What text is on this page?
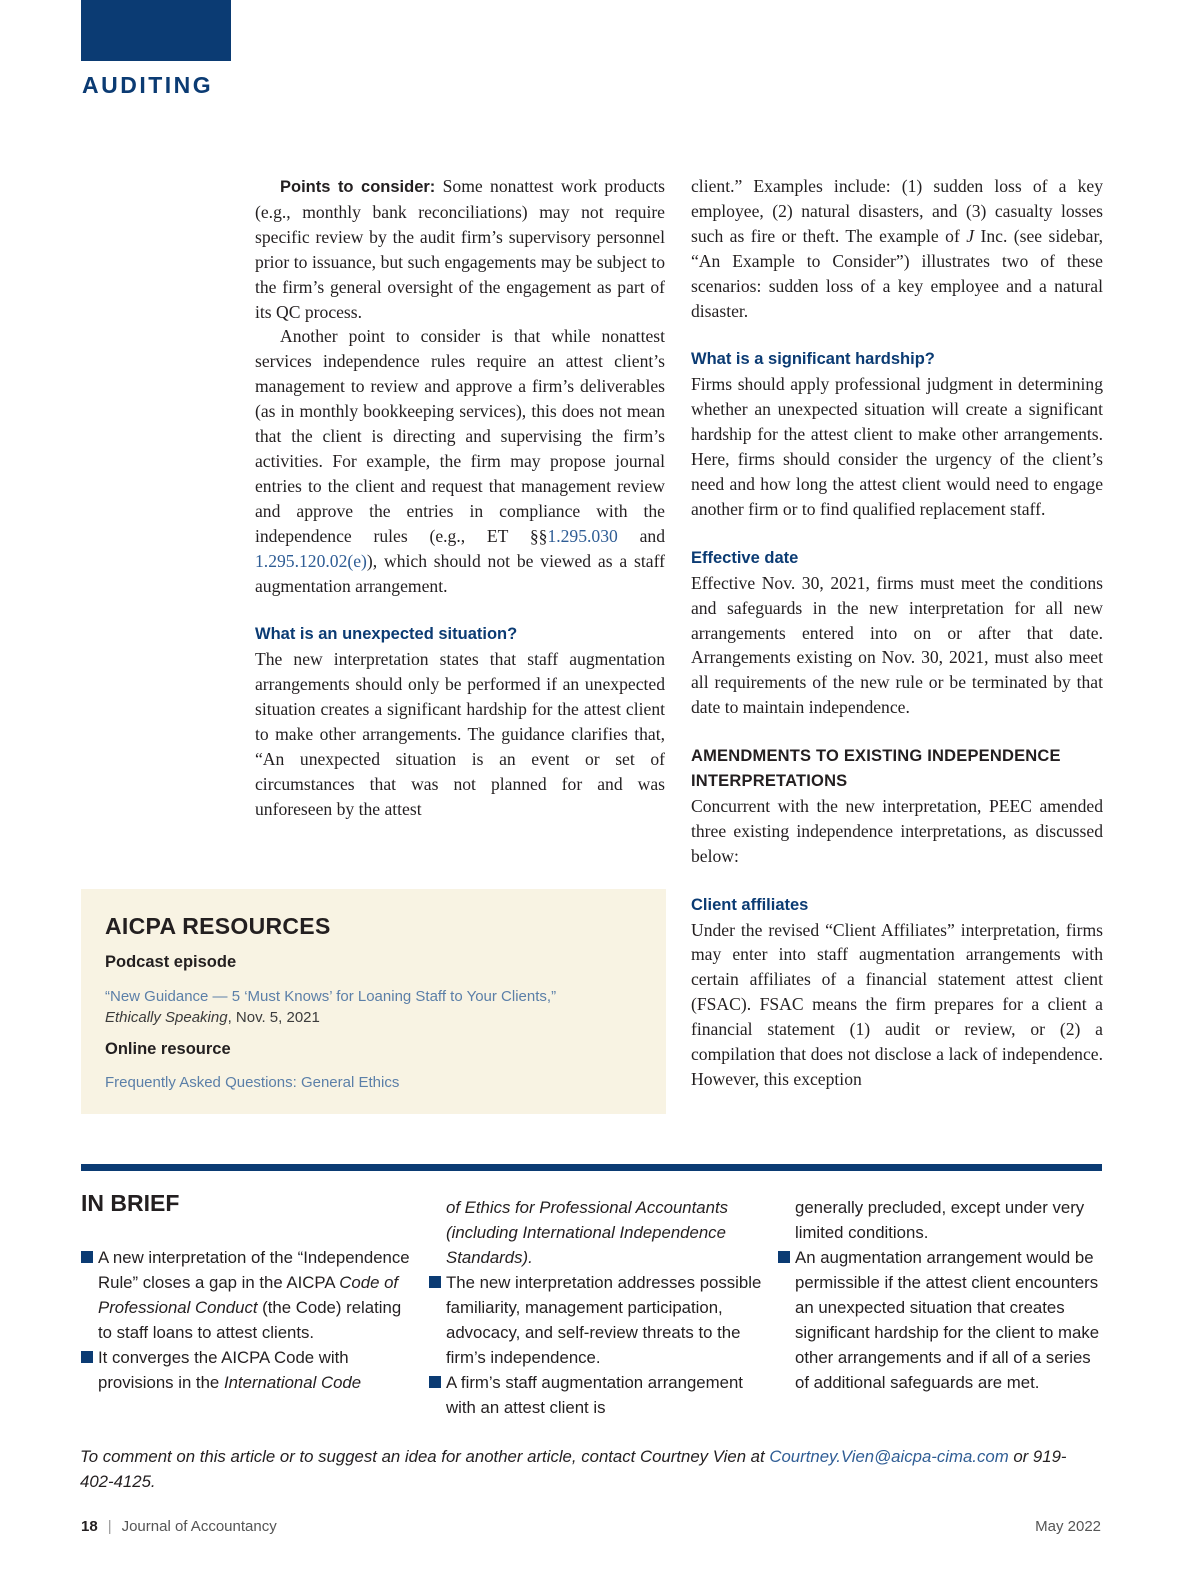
AUDITING

Points to consider: Some nonattest work products (e.g., monthly bank reconciliations) may not require specific review by the audit firm’s supervisory personnel prior to issuance, but such engagements may be subject to the firm’s general oversight of the engagement as part of its QC process.

Another point to consider is that while nonattest services independence rules require an attest client’s management to review and approve a firm’s deliverables (as in monthly bookkeeping services), this does not mean that the client is directing and supervising the firm’s activities. For example, the firm may propose journal entries to the client and request that management review and approve the entries in compliance with the independence rules (e.g., ET §§1.295.030 and 1.295.120.02(e)), which should not be viewed as a staff augmentation arrangement.

What is an unexpected situation?

The new interpretation states that staff augmentation arrangements should only be performed if an unexpected situation creates a significant hardship for the attest client to make other arrangements. The guidance clarifies that, “An unexpected situation is an event or set of circumstances that was not planned for and was unforeseen by the attest

client.” Examples include: (1) sudden loss of a key employee, (2) natural disasters, and (3) casualty losses such as fire or theft. The example of J Inc. (see sidebar, “An Example to Consider”) illustrates two of these scenarios: sudden loss of a key employee and a natural disaster.

What is a significant hardship?

Firms should apply professional judgment in determining whether an unexpected situation will create a significant hardship for the attest client to make other arrangements. Here, firms should consider the urgency of the client’s need and how long the attest client would need to engage another firm or to find qualified replacement staff.

Effective date

Effective Nov. 30, 2021, firms must meet the conditions and safeguards in the new interpretation for all new arrangements entered into on or after that date. Arrangements existing on Nov. 30, 2021, must also meet all requirements of the new rule or be terminated by that date to maintain independence.

AMENDMENTS TO EXISTING INDEPENDENCE INTERPRETATIONS

Concurrent with the new interpretation, PEEC amended three existing independence interpretations, as discussed below:

Client affiliates

Under the revised “Client Affiliates” interpretation, firms may enter into staff augmentation arrangements with certain affiliates of a financial statement attest client (FSAC). FSAC means the firm prepares for a client a financial statement (1) audit or review, or (2) a compilation that does not disclose a lack of independence. However, this exception

AICPA RESOURCES
Podcast episode
“New Guidance — 5 ‘Must Knows’ for Loaning Staff to Your Clients,”
Ethically Speaking, Nov. 5, 2021
Online resource
Frequently Asked Questions: General Ethics
IN BRIEF
A new interpretation of the “Independence Rule” closes a gap in the AICPA Code of Professional Conduct (the Code) relating to staff loans to attest clients.
It converges the AICPA Code with provisions in the International Code
of Ethics for Professional Accountants (including International Independence Standards).
The new interpretation addresses possible familiarity, management participation, advocacy, and self-review threats to the firm’s independence.
A firm’s staff augmentation arrangement with an attest client is
generally precluded, except under very limited conditions.
An augmentation arrangement would be permissible if the attest client encounters an unexpected situation that creates significant hardship for the client to make other arrangements and if all of a series of additional safeguards are met.
To comment on this article or to suggest an idea for another article, contact Courtney Vien at Courtney.Vien@aicpa-cima.com or 919-402-4125.
18 | Journal of Accountancy	May 2022
